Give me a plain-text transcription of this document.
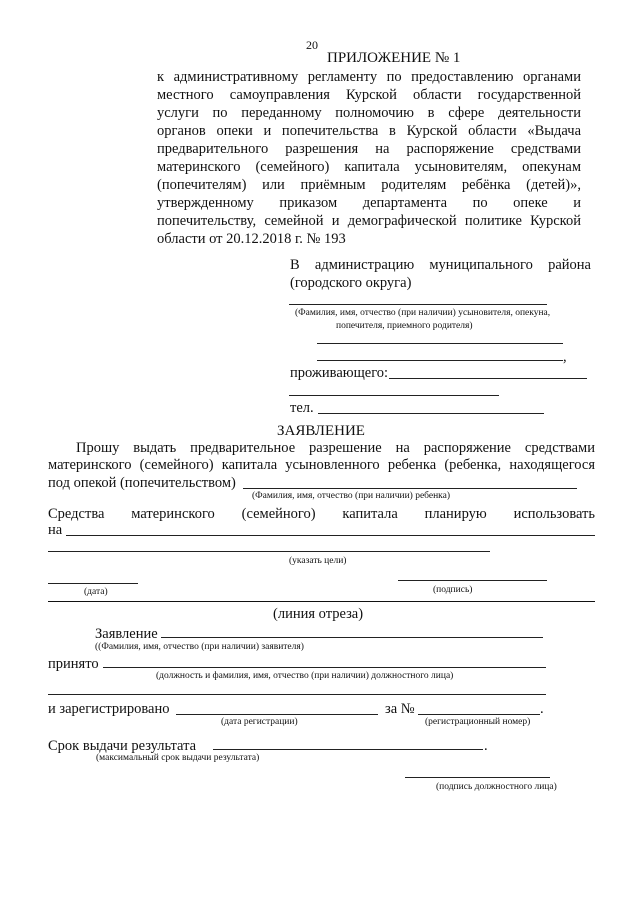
20
ПРИЛОЖЕНИЕ № 1
к административному регламенту по предоставлению органами
местного самоуправления Курской области государственной
услуги по переданному полномочию в сфере деятельности
органов опеки и попечительства в Курской области «Выдача
предварительного разрешения на распоряжение средствами
материнского (семейного) капитала усыновителям, опекунам
(попечителям) или приёмным родителям ребёнка (детей)»,
утвержденному приказом департамента по опеке и
попечительству, семейной и демографической политике Курской
области от 20.12.2018 г. № 193
В администрацию муниципального района
(городского округа)
(Фамилия, имя, отчество (при наличии) усыновителя, опекуна,
попечителя, приемного родителя)
,
проживающего:
тел.
ЗАЯВЛЕНИЕ
Прошу выдать предварительное разрешение на распоряжение средствами
материнского (семейного) капитала усыновленного ребенка (ребенка, находящегося
под опекой (попечительством)
(Фамилия, имя, отчество (при наличии) ребенка)
Средства материнского (семейного) капитала планирую использовать
на
(указать цели)
(дата)	(подпись)
(линия отреза)
Заявление
((Фамилия, имя, отчество (при наличии) заявителя)
принято
(должность и фамилия, имя, отчество (при наличии) должностного лица)
и зарегистрировано	за №	.
(дата регистрации)	(регистрационный номер)
Срок выдачи результата	.
(максимальный срок выдачи результата)
(подпись должностного лица)
